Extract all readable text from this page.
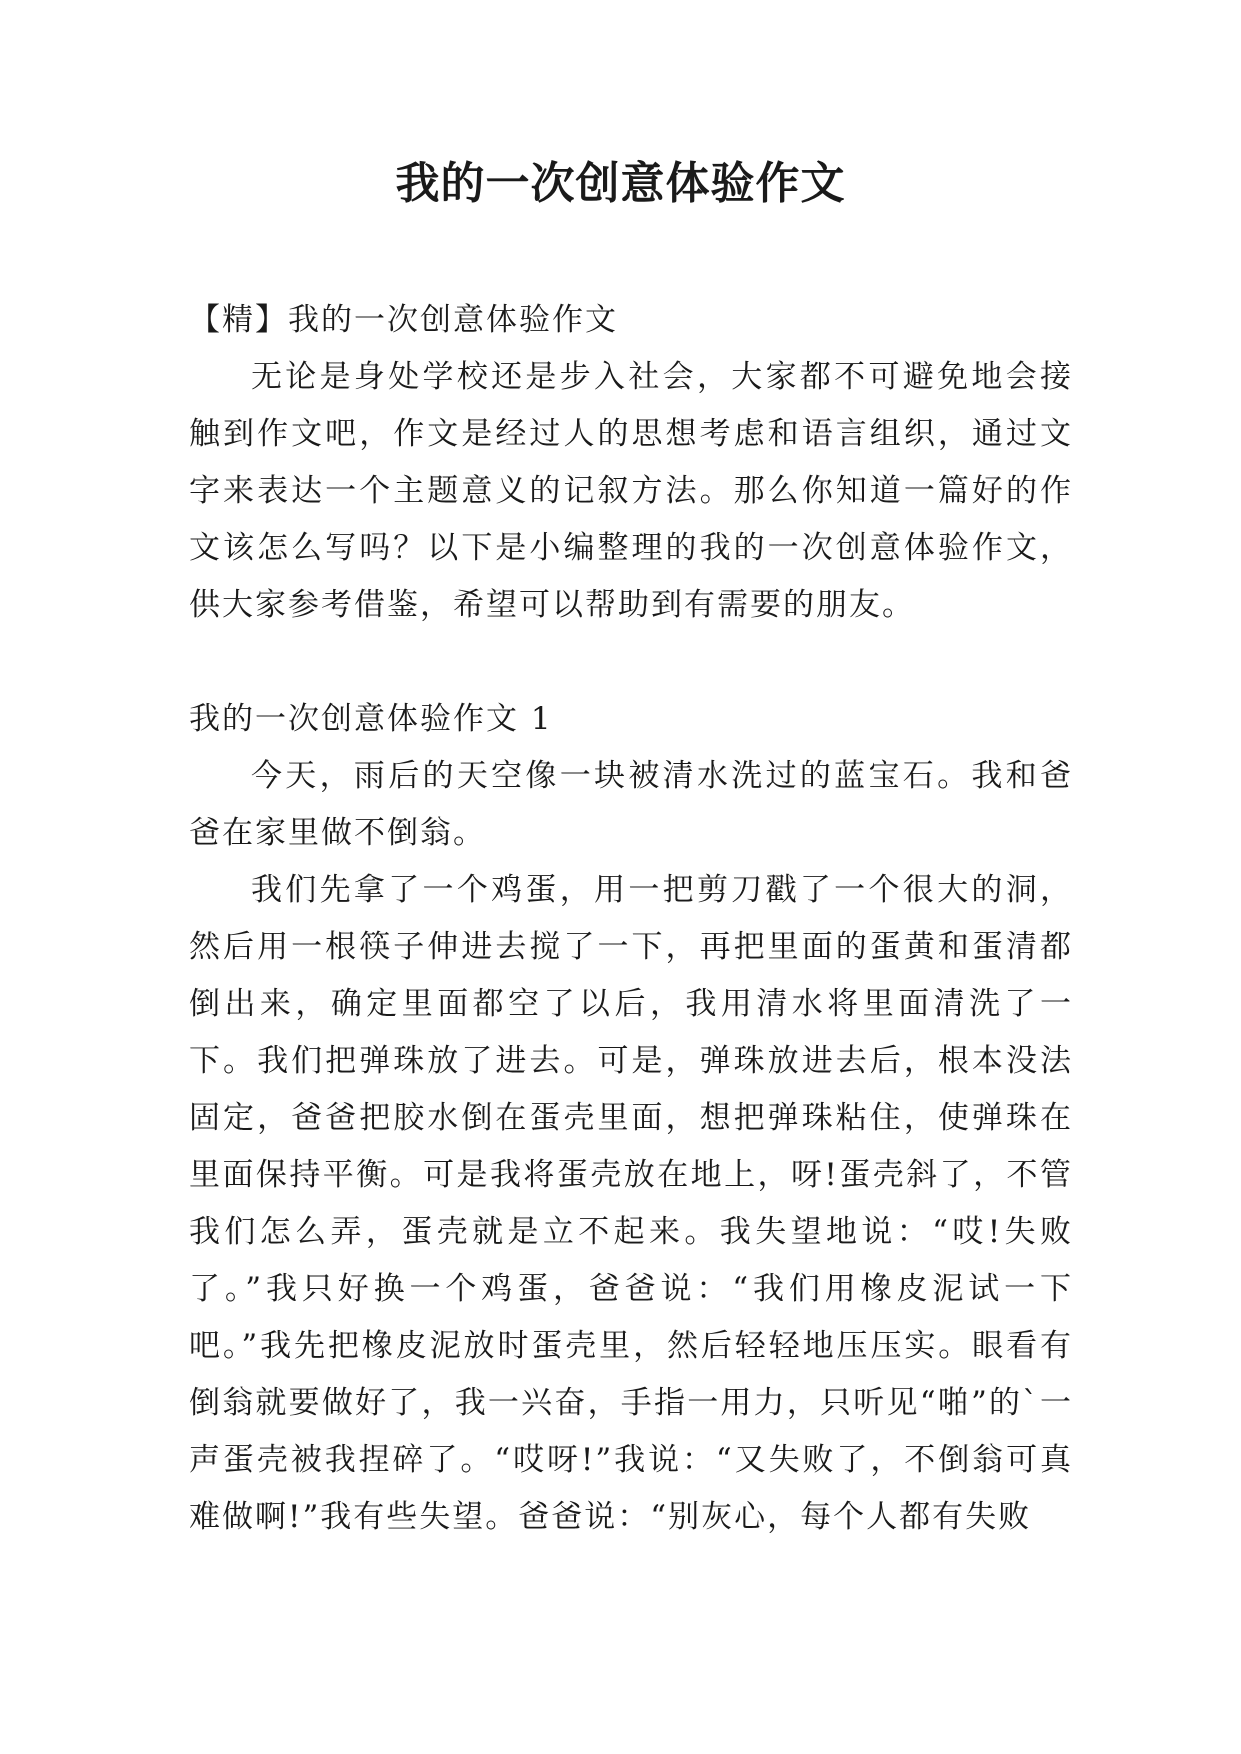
我的一次创意体验作文

【精】我的一次创意体验作文

无论是身处学校还是步入社会，大家都不可避免地会接触到作文吧，作文是经过人的思想考虑和语言组织，通过文字来表达一个主题意义的记叙方法。那么你知道一篇好的作文该怎么写吗？以下是小编整理的我的一次创意体验作文，供大家参考借鉴，希望可以帮助到有需要的朋友。

我的一次创意体验作文 1

今天，雨后的天空像一块被清水洗过的蓝宝石。我和爸爸在家里做不倒翁。

我们先拿了一个鸡蛋，用一把剪刀戳了一个很大的洞，然后用一根筷子伸进去搅了一下，再把里面的蛋黄和蛋清都倒出来，确定里面都空了以后，我用清水将里面清洗了一下。我们把弹珠放了进去。可是，弹珠放进去后，根本没法固定，爸爸把胶水倒在蛋壳里面，想把弹珠粘住，使弹珠在里面保持平衡。可是我将蛋壳放在地上，呀!蛋壳斜了，不管我们怎么弄，蛋壳就是立不起来。我失望地说：“哎!失败了。”我只好换一个鸡蛋，爸爸说：“我们用橡皮泥试一下吧。”我先把橡皮泥放时蛋壳里，然后轻轻地压压实。眼看有倒翁就要做好了，我一兴奋，手指一用力，只听见“啪”的`一声蛋壳被我捏碎了。“哎呀!”我说：“又失败了，不倒翁可真难做啊!”我有些失望。爸爸说：“别灰心，每个人都有失败
